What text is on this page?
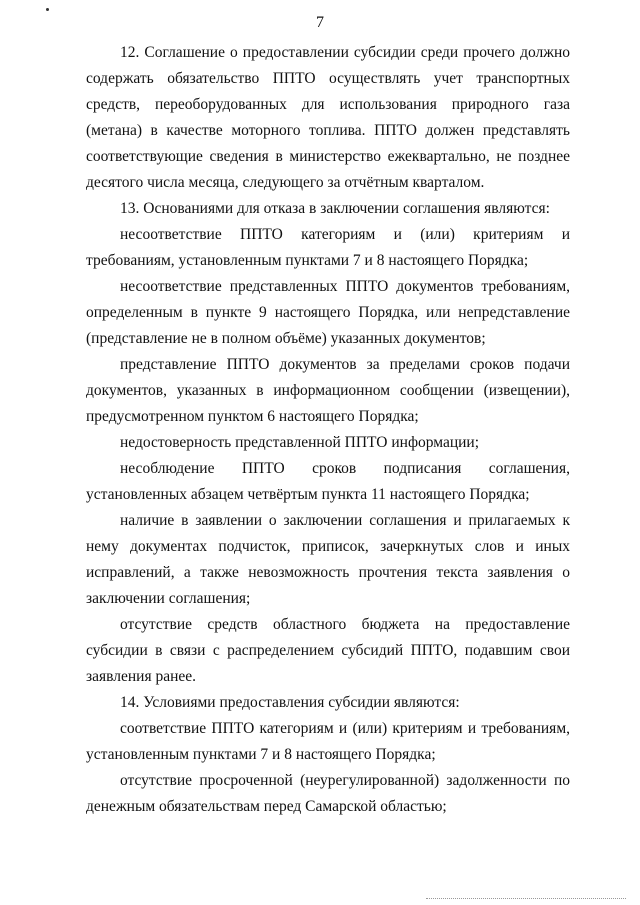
7

12. Соглашение о предоставлении субсидии среди прочего должно содержать обязательство ППТО осуществлять учет транспортных средств, переоборудованных для использования природного газа (метана) в качестве моторного топлива. ППТО должен представлять соответствующие сведения в министерство ежеквартально, не позднее десятого числа месяца, следующего за отчётным кварталом.

13. Основаниями для отказа в заключении соглашения являются:

несоответствие ППТО категориям и (или) критериям и требованиям, установленным пунктами 7 и 8 настоящего Порядка;

несоответствие представленных ППТО документов требованиям, определенным в пункте 9 настоящего Порядка, или непредставление (представление не в полном объёме) указанных документов;

представление ППТО документов за пределами сроков подачи документов, указанных в информационном сообщении (извещении), предусмотренном пунктом 6 настоящего Порядка;

недостоверность представленной ППТО информации;

несоблюдение ППТО сроков подписания соглашения, установленных абзацем четвёртым пункта 11 настоящего Порядка;

наличие в заявлении о заключении соглашения и прилагаемых к нему документах подчисток, приписок, зачеркнутых слов и иных исправлений, а также невозможность прочтения текста заявления о заключении соглашения;

отсутствие средств областного бюджета на предоставление субсидии в связи с распределением субсидий ППТО, подавшим свои заявления ранее.

14. Условиями предоставления субсидии являются:

соответствие ППТО категориям и (или) критериям и требованиям, установленным пунктами 7 и 8 настоящего Порядка;

отсутствие просроченной (неурегулированной) задолженности по денежным обязательствам перед Самарской областью;
